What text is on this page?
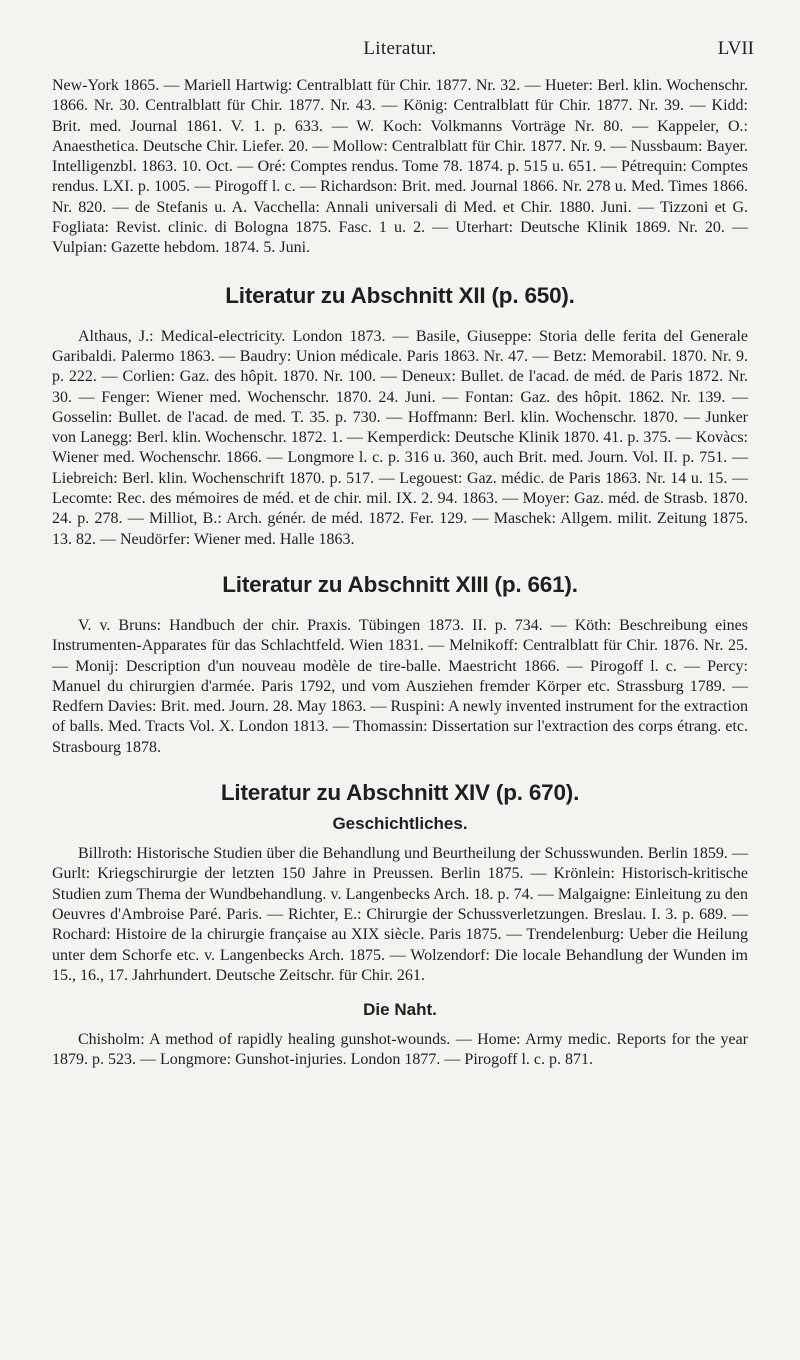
Literatur.	LVII

New-York 1865. — Mariell Hartwig: Centralblatt für Chir. 1877. Nr. 32. — Hueter: Berl. klin. Wochenschr. 1866. Nr. 30. Centralblatt für Chir. 1877. Nr. 43. — König: Centralblatt für Chir. 1877. Nr. 39. — Kidd: Brit. med. Journal 1861. V. 1. p. 633. — W. Koch: Volkmanns Vorträge Nr. 80. — Kappeler, O.: Anaesthetica. Deutsche Chir. Liefer. 20. — Mollow: Centralblatt für Chir. 1877. Nr. 9. — Nussbaum: Bayer. Intelligenzbl. 1863. 10. Oct. — Oré: Comptes rendus. Tome 78. 1874. p. 515 u. 651. — Pétrequin: Comptes rendus. LXI. p. 1005. — Pirogoff l. c. — Richardson: Brit. med. Journal 1866. Nr. 278 u. Med. Times 1866. Nr. 820. — de Stefanis u. A. Vacchella: Annali universali di Med. et Chir. 1880. Juni. — Tizzoni et G. Fogliata: Revist. clinic. di Bologna 1875. Fasc. 1 u. 2. — Uterhart: Deutsche Klinik 1869. Nr. 20. — Vulpian: Gazette hebdom. 1874. 5. Juni.

Literatur zu Abschnitt XII (p. 650).

Althaus, J.: Medical-electricity. London 1873. — Basile, Giuseppe: Storia delle ferita del Generale Garibaldi. Palermo 1863. — Baudry: Union médicale. Paris 1863. Nr. 47. — Betz: Memorabil. 1870. Nr. 9. p. 222. — Corlien: Gaz. des hôpit. 1870. Nr. 100. — Deneux: Bullet. de l'acad. de méd. de Paris 1872. Nr. 30. — Fenger: Wiener med. Wochenschr. 1870. 24. Juni. — Fontan: Gaz. des hôpit. 1862. Nr. 139. — Gosselin: Bullet. de l'acad. de med. T. 35. p. 730. — Hoffmann: Berl. klin. Wochenschr. 1870. — Junker von Lanegg: Berl. klin. Wochenschr. 1872. 1. — Kemperdick: Deutsche Klinik 1870. 41. p. 375. — Kovàcs: Wiener med. Wochenschr. 1866. — Longmore l. c. p. 316 u. 360, auch Brit. med. Journ. Vol. II. p. 751. — Liebreich: Berl. klin. Wochenschrift 1870. p. 517. — Legouest: Gaz. médic. de Paris 1863. Nr. 14 u. 15. — Lecomte: Rec. des mémoires de méd. et de chir. mil. IX. 2. 94. 1863. — Moyer: Gaz. méd. de Strasb. 1870. 24. p. 278. — Milliot, B.: Arch. génér. de méd. 1872. Fer. 129. — Maschek: Allgem. milit. Zeitung 1875. 13. 82. — Neudörfer: Wiener med. Halle 1863.

Literatur zu Abschnitt XIII (p. 661).

V. v. Bruns: Handbuch der chir. Praxis. Tübingen 1873. II. p. 734. — Köth: Beschreibung eines Instrumenten-Apparates für das Schlachtfeld. Wien 1831. — Melnikoff: Centralblatt für Chir. 1876. Nr. 25. — Monij: Description d'un nouveau modèle de tire-balle. Maestricht 1866. — Pirogoff l. c. — Percy: Manuel du chirurgien d'armée. Paris 1792, und vom Ausziehen fremder Körper etc. Strassburg 1789. — Redfern Davies: Brit. med. Journ. 28. May 1863. — Ruspini: A newly invented instrument for the extraction of balls. Med. Tracts Vol. X. London 1813. — Thomassin: Dissertation sur l'extraction des corps étrang. etc. Strasbourg 1878.

Literatur zu Abschnitt XIV (p. 670).
Geschichtliches.

Billroth: Historische Studien über die Behandlung und Beurtheilung der Schusswunden. Berlin 1859. — Gurlt: Kriegschirurgie der letzten 150 Jahre in Preussen. Berlin 1875. — Krönlein: Historisch-kritische Studien zum Thema der Wundbehandlung. v. Langenbecks Arch. 18. p. 74. — Malgaigne: Einleitung zu den Oeuvres d'Ambroise Paré. Paris. — Richter, E.: Chirurgie der Schussverletzungen. Breslau. I. 3. p. 689. — Rochard: Histoire de la chirurgie française au XIX siècle. Paris 1875. — Trendelenburg: Ueber die Heilung unter dem Schorfe etc. v. Langenbecks Arch. 1875. — Wolzendorf: Die locale Behandlung der Wunden im 15., 16., 17. Jahrhundert. Deutsche Zeitschr. für Chir. 261.

Die Naht.

Chisholm: A method of rapidly healing gunshot-wounds. — Home: Army medic. Reports for the year 1879. p. 523. — Longmore: Gunshot-injuries. London 1877. — Pirogoff l. c. p. 871.
